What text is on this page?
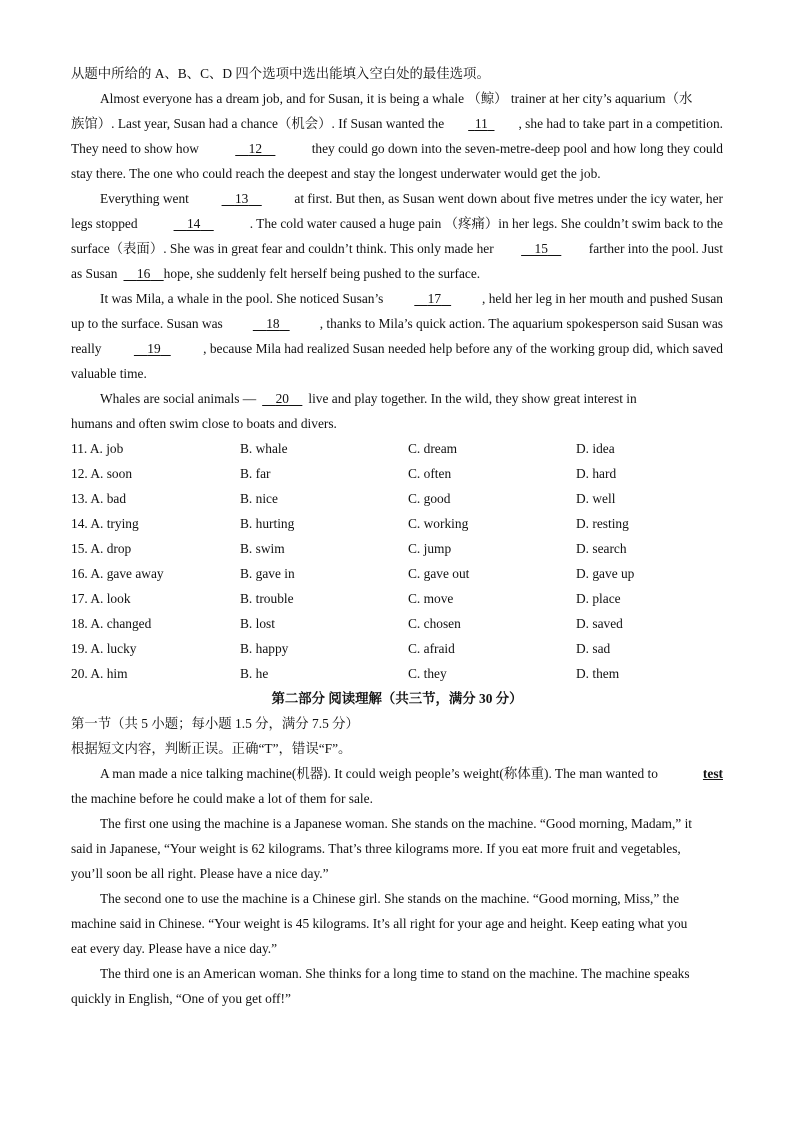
从题中所给的 A、B、C、D 四个选项中选出能填入空白处的最佳选项。
Almost everyone has a dream job, and for Susan, it is being a whale （鲸） trainer at her city’s aquarium（水
族馆）. Last year, Susan had a chance（机会）. If Susan wanted the	11	, she had to take part in a competition.
They need to show how	12	they could go down into the seven-metre-deep pool and how long they could
stay there. The one who could reach the deepest and stay the longest underwater would get the job.
Everything went	13	at first. But then, as Susan went down about five metres under the icy water, her
legs stopped	14	. The cold water caused a huge pain （疼痛）in her legs. She couldn’t swim back to the
surface（表面）. She was in great fear and couldn’t think. This only made her	15	farther into the pool. Just
as Susan	16 hope, she suddenly felt herself being pushed to the surface.
It was Mila, a whale in the pool. She noticed Susan’s	17	, held her leg in her mouth and pushed Susan
up to the surface. Susan was	18	, thanks to Mila’s quick action. The aquarium spokesperson said Susan was
really	19	, because Mila had realized Susan needed help before any of the working group did, which saved
valuable time.
Whales are social animals —	20	live and play together. In the wild, they show great interest in
humans and often swim close to boats and divers.
11. A. job	B. whale	C. dream	D. idea
12. A. soon	B. far	C. often	D. hard
13. A. bad	B. nice	C. good	D. well
14. A. trying	B. hurting	C. working	D. resting
15. A. drop	B. swim	C. jump	D. search
16. A. gave away	B. gave in	C. gave out	D. gave up
17. A. look	B. trouble	C. move	D. place
18. A. changed	B. lost	C. chosen	D. saved
19. A. lucky	B. happy	C. afraid	D. sad
20. A. him	B. he	C. they	D. them
第二部分 阅读理解（共三节，满分 30 分）
第一节（共 5 小题；每小题 1.5 分，满分 7.5 分）
根据短文内容，判断正误。正确“T”，错误“F”。
A man made a nice talking machine(机器). It could weigh people’s weight(称体重). The man wanted to	test
the machine before he could make a lot of them for sale.
The first one using the machine is a Japanese woman. She stands on the machine. “Good morning, Madam,” it
said in Japanese, “Your weight is 62 kilograms. That’s three kilograms more. If you eat more fruit and vegetables,
you’ll soon be all right. Please have a nice day.”
The second one to use the machine is a Chinese girl. She stands on the machine. “Good morning, Miss,” the
machine said in Chinese. “Your weight is 45 kilograms. It’s all right for your age and height. Keep eating what you
eat every day. Please have a nice day.”
The third one is an American woman. She thinks for a long time to stand on the machine. The machine speaks
quickly in English, “One of you get off!”
